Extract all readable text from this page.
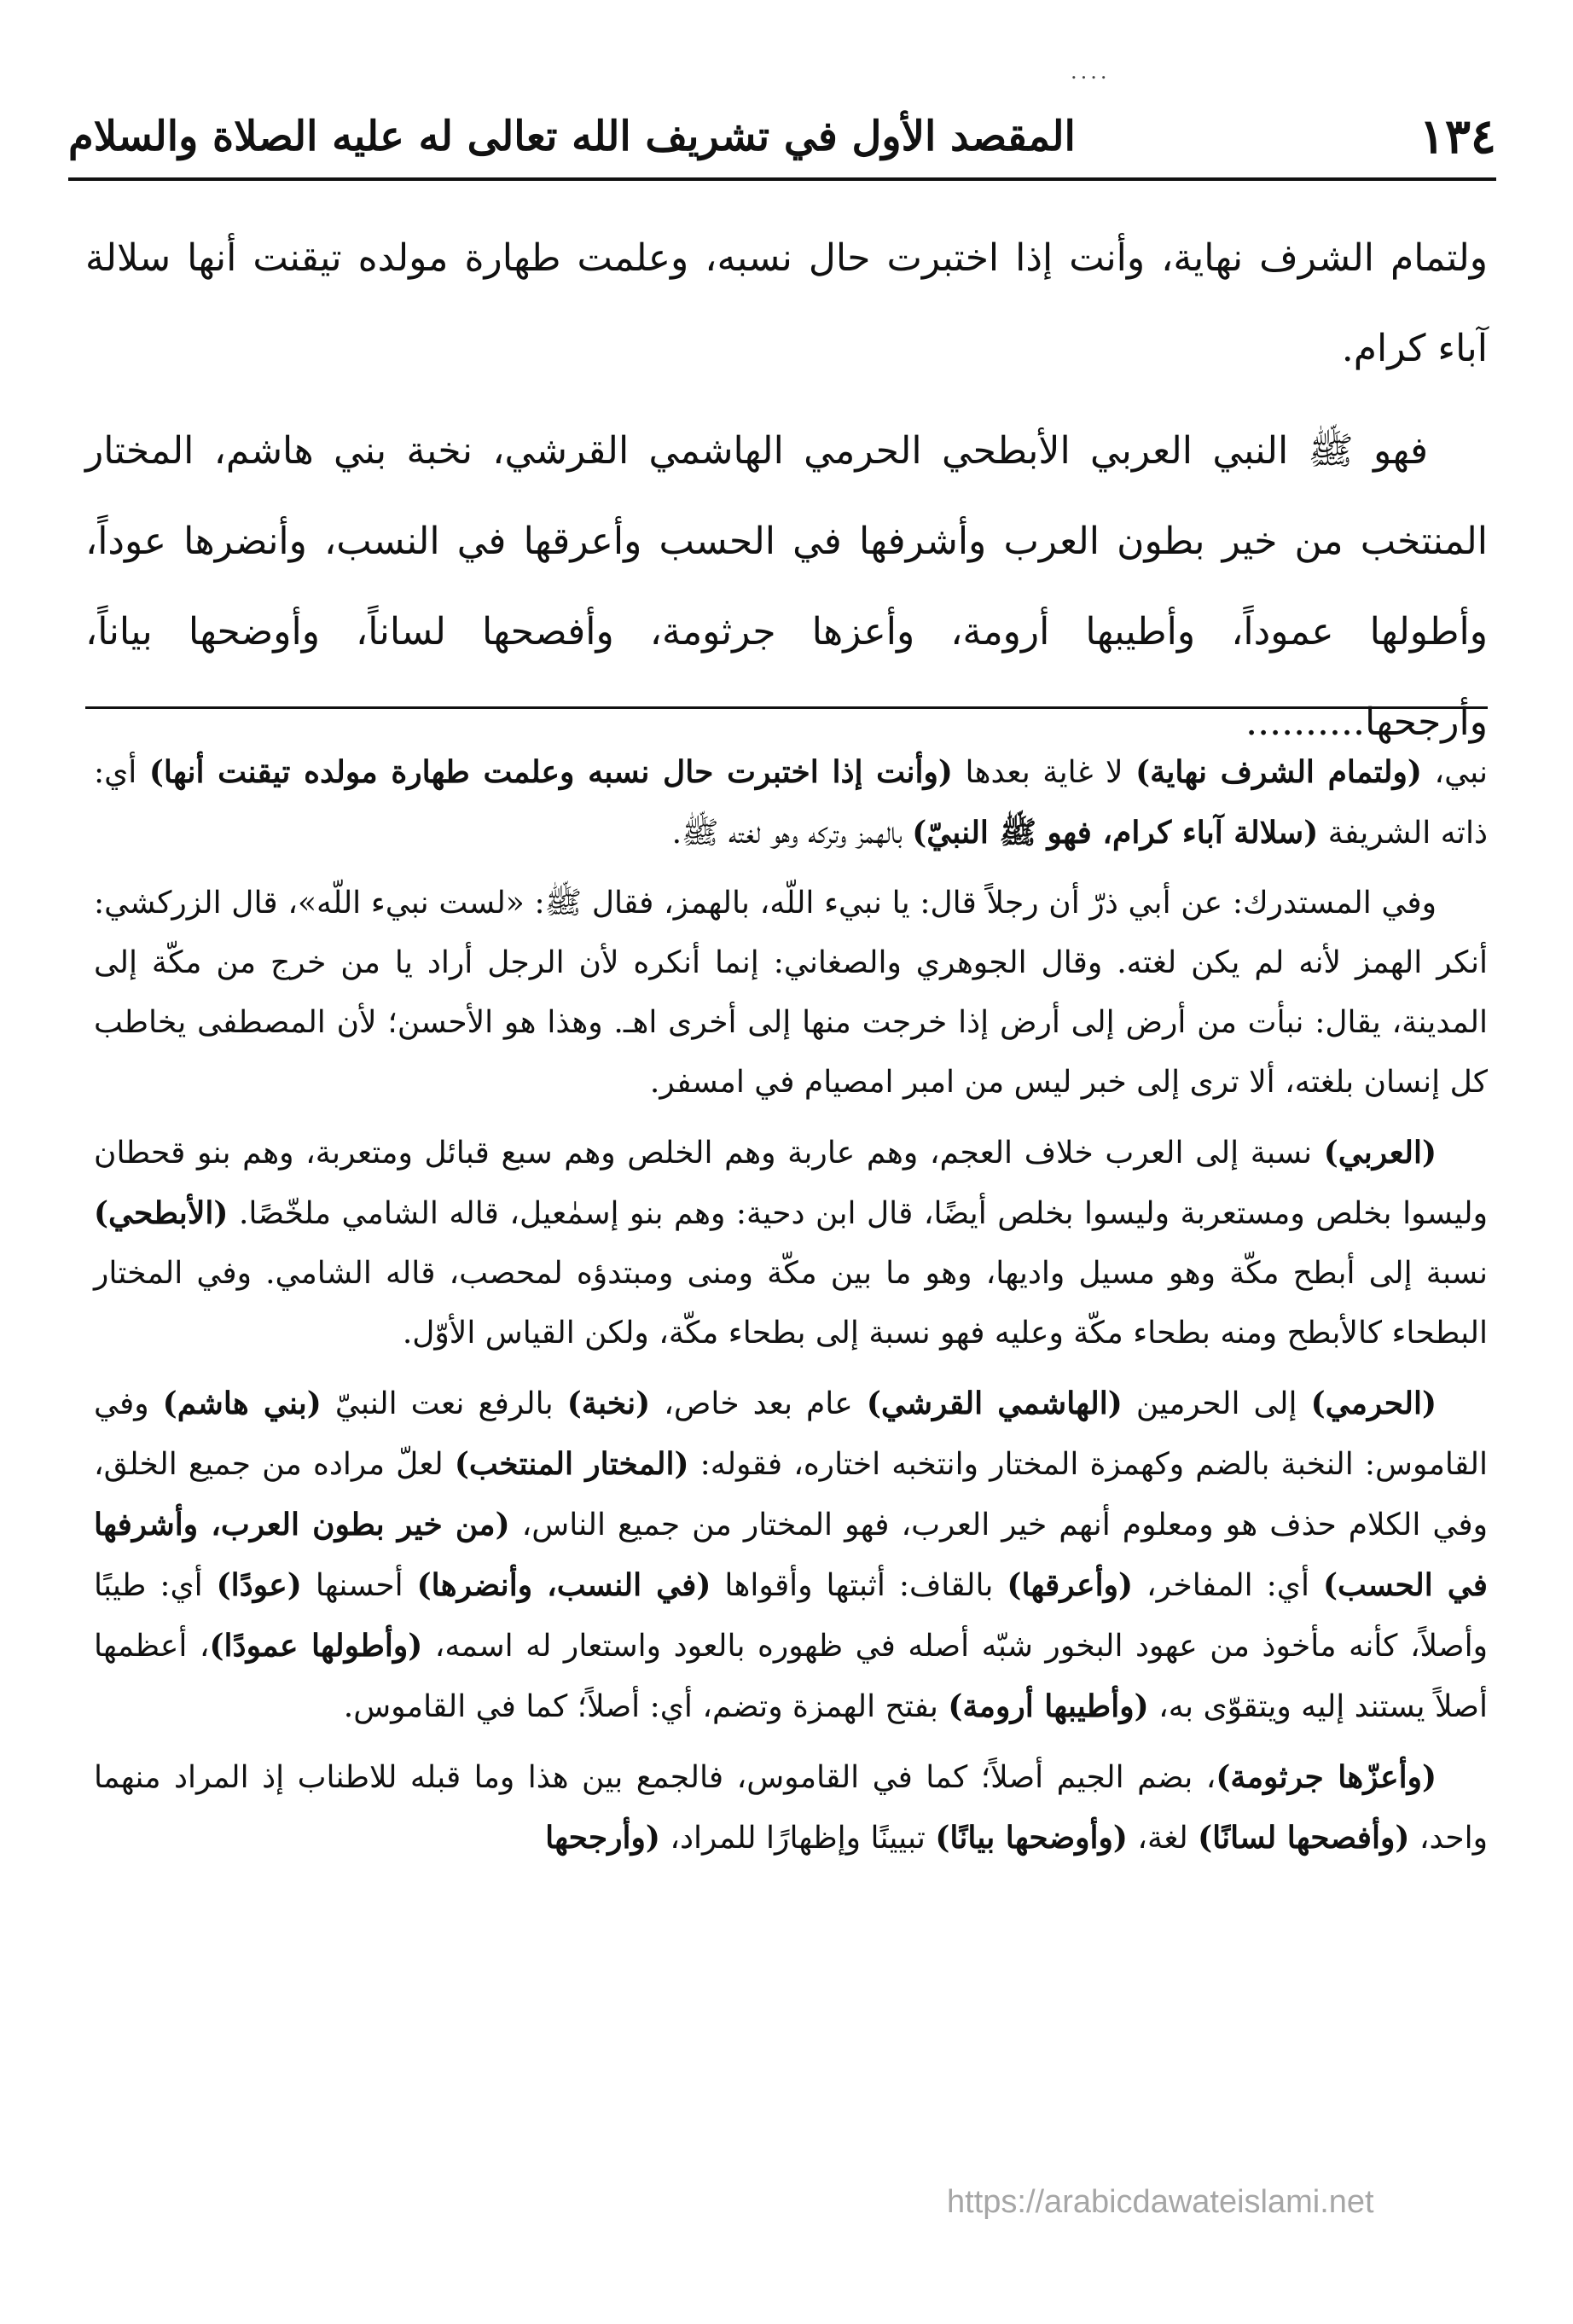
....
١٣٤
المقصد الأول في تشريف الله تعالى له عليه الصلاة والسلام

ولتمام الشرف نهاية، وأنت إذا اختبرت حال نسبه، وعلمت طهارة مولده تيقنت أنها سلالة آباء كرام.

فهو ﷺ النبي العربي الأبطحي الحرمي الهاشمي القرشي، نخبة بني هاشم، المختار المنتخب من خير بطون العرب وأشرفها في الحسب وأعرقها في النسب، وأنضرها عوداً، وأطولها عموداً، وأطيبها أرومة، وأعزها جرثومة، وأفصحها لساناً، وأوضحها بياناً، وأرجحها..........

نبي، (ولتمام الشرف نهاية) لا غاية بعدها (وأنت إذا اختبرت حال نسبه وعلمت طهارة مولده تيقنت أنها) أي: ذاته الشريفة (سلالة آباء كرام، فهو ﷺ النبيّ) بالهمز وتركه وهو لغته ﷺ.

وفي المستدرك: عن أبي ذرّ أن رجلاً قال: يا نبيء اللّه، بالهمز، فقال ﷺ: «لست نبيء اللّه»، قال الزركشي: أنكر الهمز لأنه لم يكن لغته. وقال الجوهري والصغاني: إنما أنكره لأن الرجل أراد يا من خرج من مكّة إلى المدينة، يقال: نبأت من أرض إلى أرض إذا خرجت منها إلى أخرى اهـ. وهذا هو الأحسن؛ لأن المصطفى يخاطب كل إنسان بلغته، ألا ترى إلى خبر ليس من امبر امصيام في امسفر.

(العربي) نسبة إلى العرب خلاف العجم، وهم عاربة وهم الخلص وهم سبع قبائل ومتعربة، وهم بنو قحطان وليسوا بخلص ومستعربة وليسوا بخلص أيضًا، قال ابن دحية: وهم بنو إسمٰعيل، قاله الشامي ملخّصًا. (الأبطحي) نسبة إلى أبطح مكّة وهو مسيل واديها، وهو ما بين مكّة ومنى ومبتدؤه لمحصب، قاله الشامي. وفي المختار البطحاء كالأبطح ومنه بطحاء مكّة وعليه فهو نسبة إلى بطحاء مكّة، ولكن القياس الأوّل.

(الحرمي) إلى الحرمين (الهاشمي القرشي) عام بعد خاص، (نخبة) بالرفع نعت النبيّ (بني هاشم) وفي القاموس: النخبة بالضم وكهمزة المختار وانتخبه اختاره، فقوله: (المختار المنتخب) لعلّ مراده من جميع الخلق، وفي الكلام حذف هو ومعلوم أنهم خير العرب، فهو المختار من جميع الناس، (من خير بطون العرب، وأشرفها في الحسب) أي: المفاخر، (وأعرقها) بالقاف: أثبتها وأقواها (في النسب، وأنضرها) أحسنها (عودًا) أي: طيبًا وأصلاً، كأنه مأخوذ من عهود البخور شبّه أصله في ظهوره بالعود واستعار له اسمه، (وأطولها عمودًا)، أعظمها أصلاً يستند إليه ويتقوّى به، (وأطيبها أرومة) بفتح الهمزة وتضم، أي: أصلاً؛ كما في القاموس.

(وأعزّها جرثومة)، بضم الجيم أصلاً؛ كما في القاموس، فالجمع بين هذا وما قبله للاطناب إذ المراد منهما واحد، (وأفصحها لسانًا) لغة، (وأوضحها بيانًا) تبيينًا وإظهارًا للمراد، (وأرجحها

https://arabicdawateislami.net
